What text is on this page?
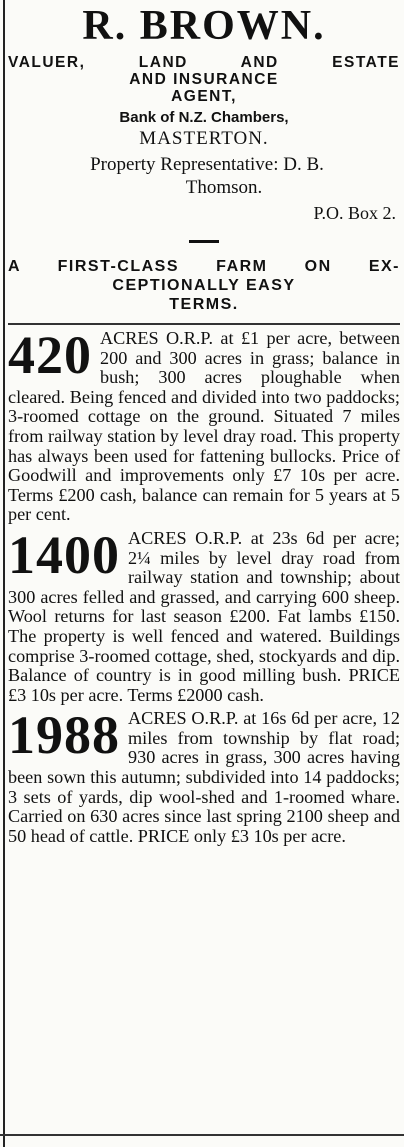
R. BROWN.
VALUER, LAND AND ESTATE
AND INSURANCE
AGENT,
Bank of N.Z. Chambers,
MASTERTON.
Property Representative: D. B.
Thomson.
P.O. Box 2.
A FIRST-CLASS FARM ON EX-
CEPTIONALLY EASY
TERMS.
420 ACRES O.R.P. at £1 per acre, between 200 and 300 acres in grass; balance in bush; 300 acres ploughable when cleared. Being fenced and divided into two paddocks; 3-roomed cottage on the ground. Situated 7 miles from railway station by level dray road. This property has always been used for fattening bullocks. Price of Goodwill and improvements only £7 10s per acre. Terms £200 cash, balance can remain for 5 years at 5 per cent.
1400 ACRES O.R.P. at 23s 6d per acre; 2¼ miles by level dray road from railway station and township; about 300 acres felled and grassed, and carrying 600 sheep. Wool returns for last season £200. Fat lambs £150. The property is well fenced and watered. Buildings comprise 3-roomed cottage, shed, stockyards and dip. Balance of country is in good milling bush. PRICE £3 10s per acre. Terms £2000 cash.
1988 ACRES O.R.P. at 16s 6d per acre, 12 miles from township by flat road; 930 acres in grass, 300 acres having been sown this autumn; subdivided into 14 paddocks; 3 sets of yards, dip wool-shed and 1-roomed whare. Carried on 630 acres since last spring 2100 sheep and 50 head of cattle. PRICE only £3 10s per acre.
